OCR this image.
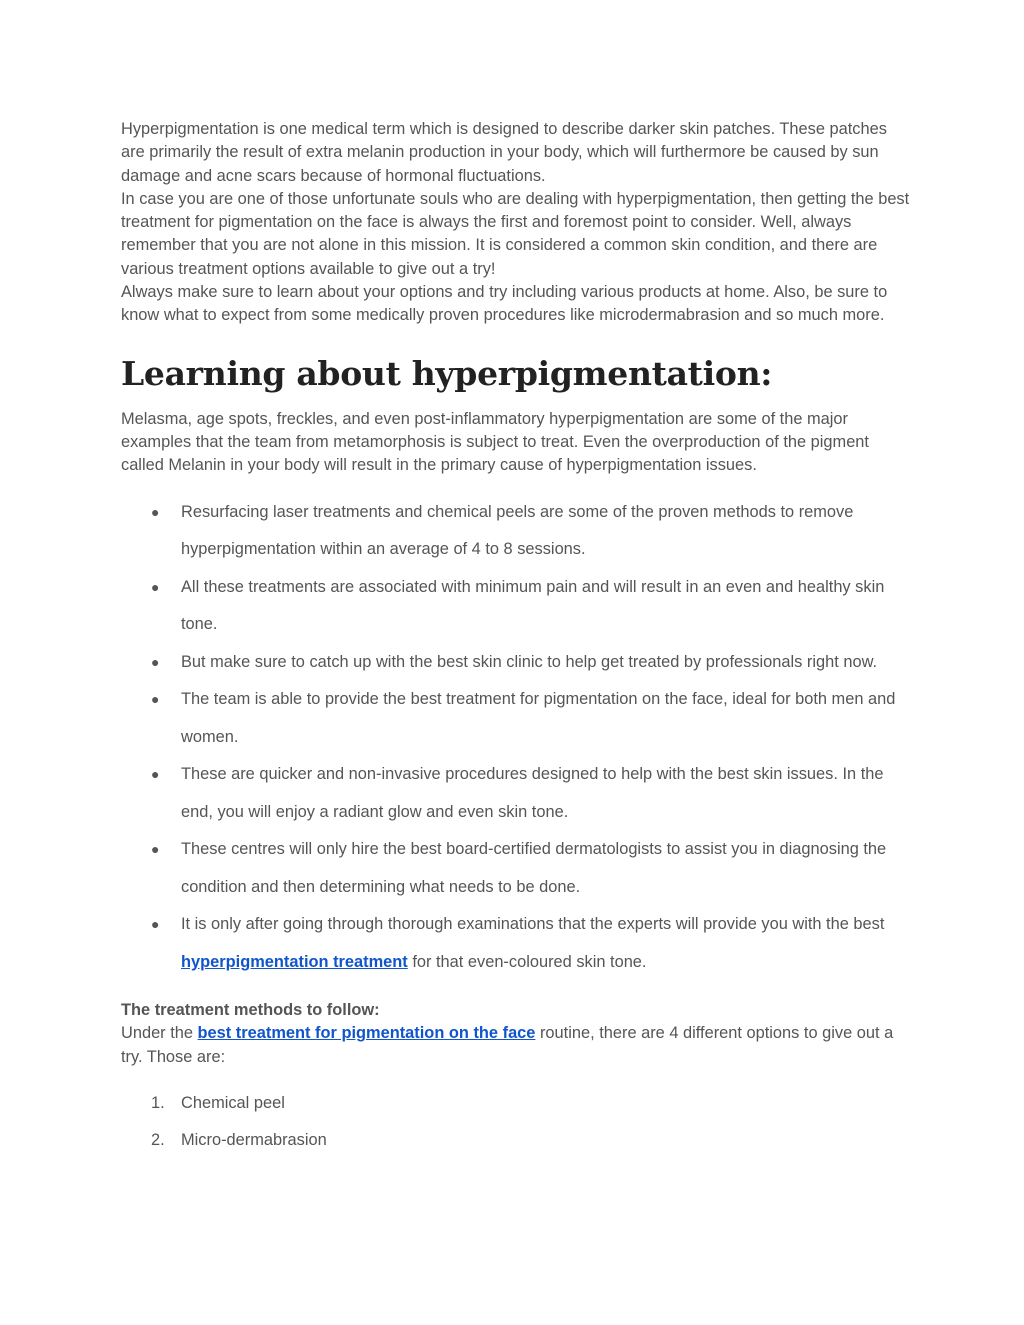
Hyperpigmentation is one medical term which is designed to describe darker skin patches. These patches are primarily the result of extra melanin production in your body, which will furthermore be caused by sun damage and acne scars because of hormonal fluctuations.

In case you are one of those unfortunate souls who are dealing with hyperpigmentation, then getting the best treatment for pigmentation on the face is always the first and foremost point to consider. Well, always remember that you are not alone in this mission. It is considered a common skin condition, and there are various treatment options available to give out a try!

Always make sure to learn about your options and try including various products at home. Also, be sure to know what to expect from some medically proven procedures like microdermabrasion and so much more.

Learning about hyperpigmentation:

Melasma, age spots, freckles, and even post-inflammatory hyperpigmentation are some of the major examples that the team from metamorphosis is subject to treat. Even the overproduction of the pigment called Melanin in your body will result in the primary cause of hyperpigmentation issues.

● Resurfacing laser treatments and chemical peels are some of the proven methods to remove hyperpigmentation within an average of 4 to 8 sessions.
● All these treatments are associated with minimum pain and will result in an even and healthy skin tone.
● But make sure to catch up with the best skin clinic to help get treated by professionals right now.
● The team is able to provide the best treatment for pigmentation on the face, ideal for both men and women.
● These are quicker and non-invasive procedures designed to help with the best skin issues. In the end, you will enjoy a radiant glow and even skin tone.
● These centres will only hire the best board-certified dermatologists to assist you in diagnosing the condition and then determining what needs to be done.
● It is only after going through thorough examinations that the experts will provide you with the best hyperpigmentation treatment for that even-coloured skin tone.
The treatment methods to follow:

Under the best treatment for pigmentation on the face routine, there are 4 different options to give out a try. Those are:

1. Chemical peel
2. Micro-dermabrasion
